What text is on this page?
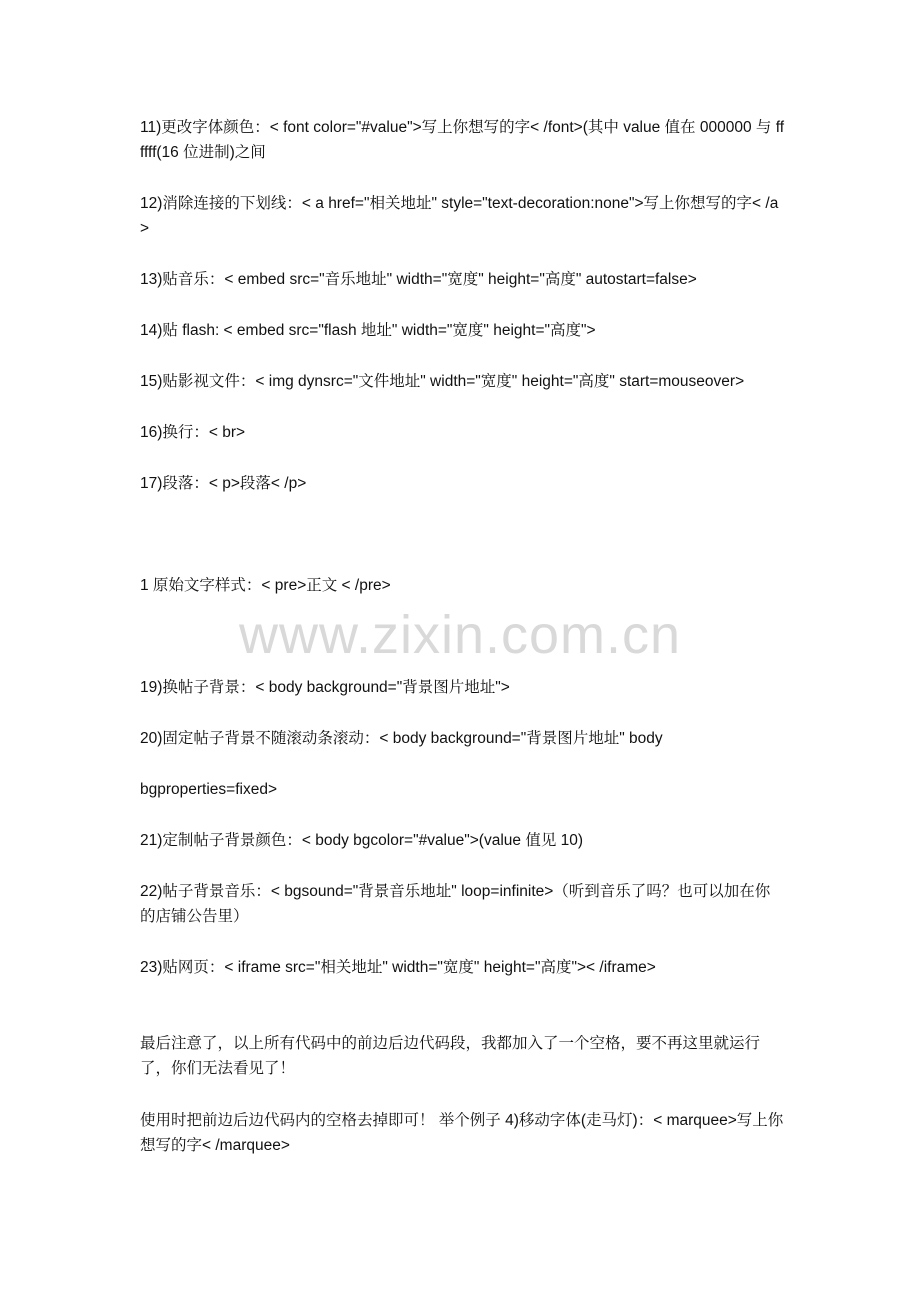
11)更改字体颜色：< font color="#value">写上你想写的字< /font>(其中 value 值在 000000 与 ffffff(16 位进制)之间

12)消除连接的下划线：< a href="相关地址" style="text-decoration:none">写上你想写的字< /a>

13)贴音乐：< embed src="音乐地址" width="宽度" height="高度" autostart=false>

14)贴 flash: < embed src="flash 地址" width="宽度" height="高度">

15)贴影视文件：< img dynsrc="文件地址" width="宽度" height="高度" start=mouseover>

16)换行：< br>

17)段落：< p>段落< /p>

1 原始文字样式：< pre>正文 < /pre>

www.zixin.com.cn

19)换帖子背景：< body background="背景图片地址">

20)固定帖子背景不随滚动条滚动：< body background="背景图片地址" body

bgproperties=fixed>

21)定制帖子背景颜色：< body bgcolor="#value">(value 值见 10)

22)帖子背景音乐：< bgsound="背景音乐地址" loop=infinite>（听到音乐了吗？也可以加在你的店铺公告里）

23)贴网页：< iframe src="相关地址" width="宽度" height="高度">< /iframe>

最后注意了，以上所有代码中的前边后边代码段，我都加入了一个空格，要不再这里就运行了，你们无法看见了！

使用时把前边后边代码内的空格去掉即可！ 举个例子 4)移动字体(走马灯)：< marquee>写上你想写的字< /marquee>
